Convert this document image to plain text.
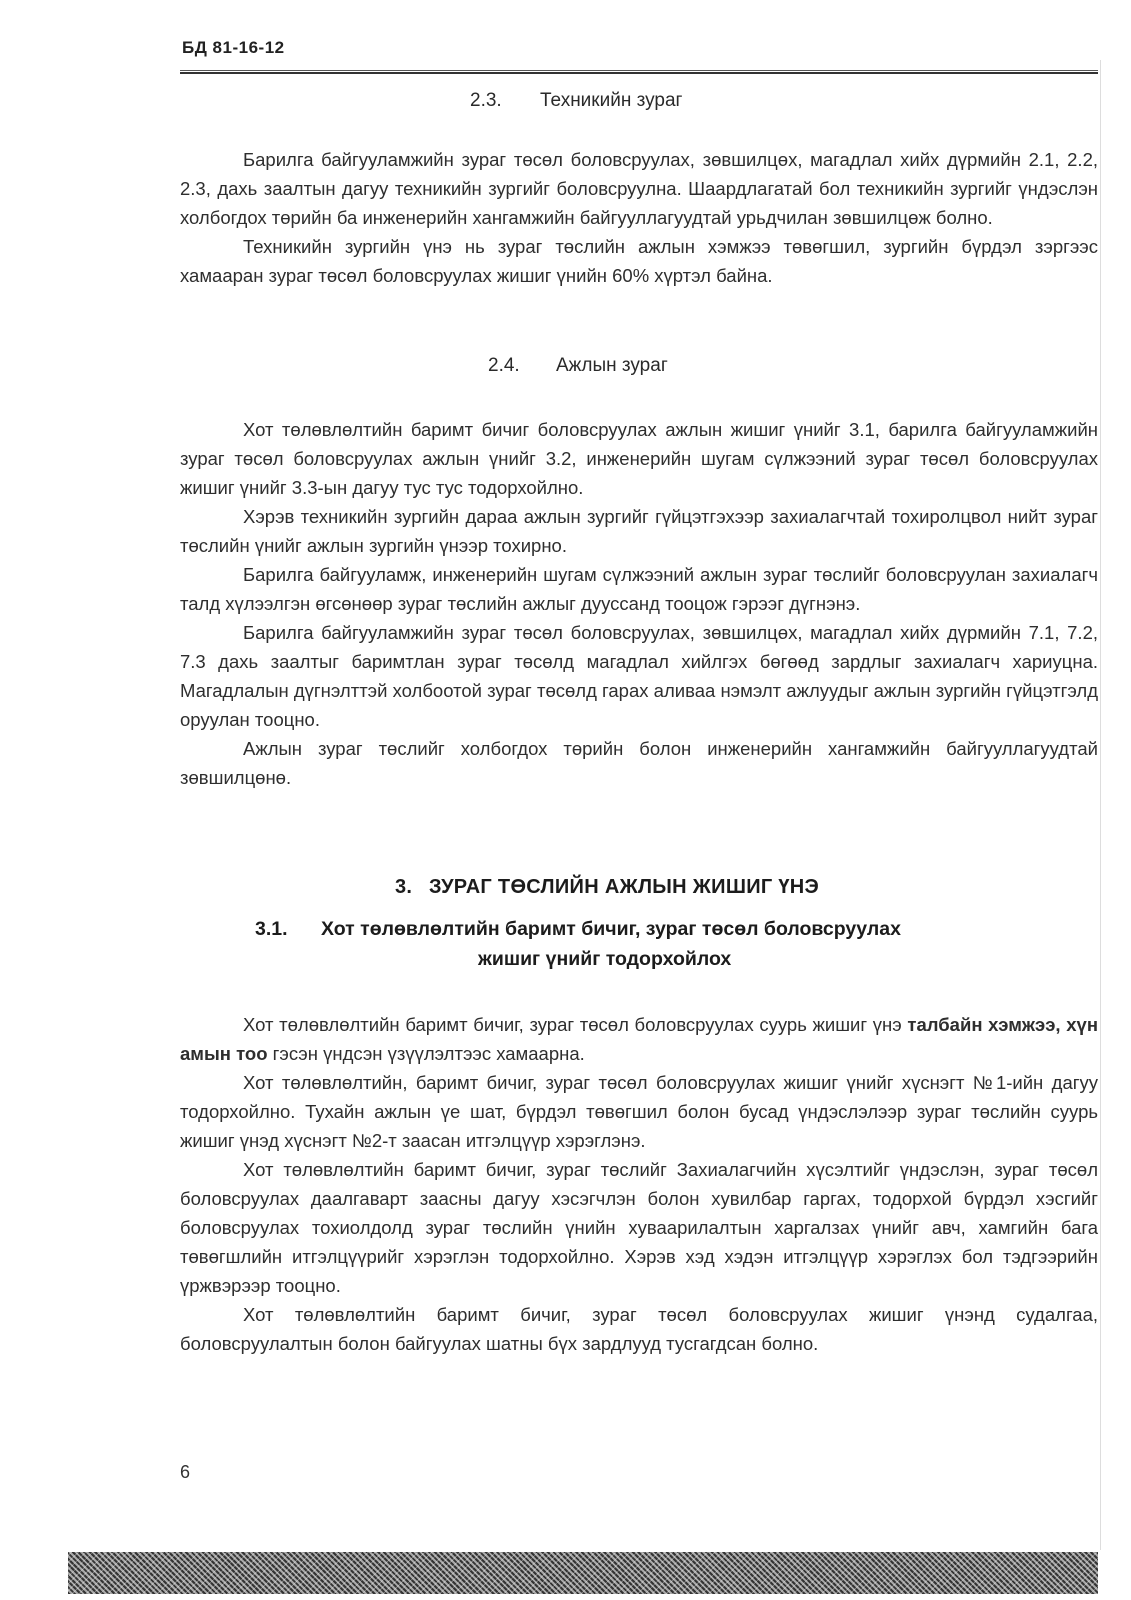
БД 81-16-12
2.3. Техникийн зураг

Барилга байгууламжийн зураг төсөл боловсруулах, зөвшилцөх, магадлал хийх дүрмийн 2.1, 2.2, 2.3, дахь заалтын дагуу техникийн зургийг боловсруулна. Шаардлагатай бол техникийн зургийг үндэслэн холбогдох төрийн ба инженерийн хангамжийн байгууллагуудтай урьдчилан зөвшилцөж болно.

Техникийн зургийн үнэ нь зураг төслийн ажлын хэмжээ төвөгшил, зургийн бүрдэл зэргээс хамааран зураг төсөл боловсруулах жишиг үнийн 60% хүртэл байна.

2.4. Ажлын зураг

Хот төлөвлөлтийн баримт бичиг боловсруулах ажлын жишиг үнийг 3.1, барилга байгууламжийн зураг төсөл боловсруулах ажлын үнийг 3.2, инженерийн шугам сүлжээний зураг төсөл боловсруулах жишиг үнийг 3.3-ын дагуу тус тус тодорхойлно.

Хэрэв техникийн зургийн дараа ажлын зургийг гүйцэтгэхээр захиалагчтай тохиролцвол нийт зураг төслийн үнийг ажлын зургийн үнээр тохирно.

Барилга байгууламж, инженерийн шугам сүлжээний ажлын зураг төслийг боловсруулан захиалагч талд хүлээлгэн өгсөнөөр зураг төслийн ажлыг дууссанд тооцож гэрээг дүгнэнэ.

Барилга байгууламжийн зураг төсөл боловсруулах, зөвшилцөх, магадлал хийх дүрмийн 7.1, 7.2, 7.3 дахь заалтыг баримтлан зураг төсөлд магадлал хийлгэх бөгөөд зардлыг захиалагч хариуцна. Магадлалын дүгнэлттэй холбоотой зураг төсөлд гарах аливаа нэмэлт ажлуудыг ажлын зургийн гүйцэтгэлд оруулан тооцно.

Ажлын зураг төслийг холбогдох төрийн болон инженерийн хангамжийн байгууллагуудтай зөвшилцөнө.

3. ЗУРАГ ТӨСЛИЙН АЖЛЫН ЖИШИГ ҮНЭ
3.1. Хот төлөвлөлтийн баримт бичиг, зураг төсөл боловсруулах
жишиг үнийг тодорхойлох

Хот төлөвлөлтийн баримт бичиг, зураг төсөл боловсруулах суурь жишиг үнэ талбайн хэмжээ, хүн амын тоо гэсэн үндсэн үзүүлэлтээс хамаарна.

Хот төлөвлөлтийн, баримт бичиг, зураг төсөл боловсруулах жишиг үнийг хүснэгт №1-ийн дагуу тодорхойлно. Тухайн ажлын үе шат, бүрдэл төвөгшил болон бусад үндэслэлээр зураг төслийн суурь жишиг үнэд хүснэгт №2-т заасан итгэлцүүр хэрэглэнэ.

Хот төлөвлөлтийн баримт бичиг, зураг төслийг Захиалагчийн хүсэлтийг үндэслэн, зураг төсөл боловсруулах даалгаварт заасны дагуу хэсэгчлэн болон хувилбар гаргах, тодорхой бүрдэл хэсгийг боловсруулах тохиолдолд зураг төслийн үнийн хуваарилалтын харгалзах үнийг авч, хамгийн бага төвөгшлийн итгэлцүүрийг хэрэглэн тодорхойлно. Хэрэв хэд хэдэн итгэлцүүр хэрэглэх бол тэдгээрийн үржвэрээр тооцно.

Хот төлөвлөлтийн баримт бичиг, зураг төсөл боловсруулах жишиг үнэнд судалгаа, боловсруулалтын болон байгуулах шатны бүх зардлууд тусгагдсан болно.

6
